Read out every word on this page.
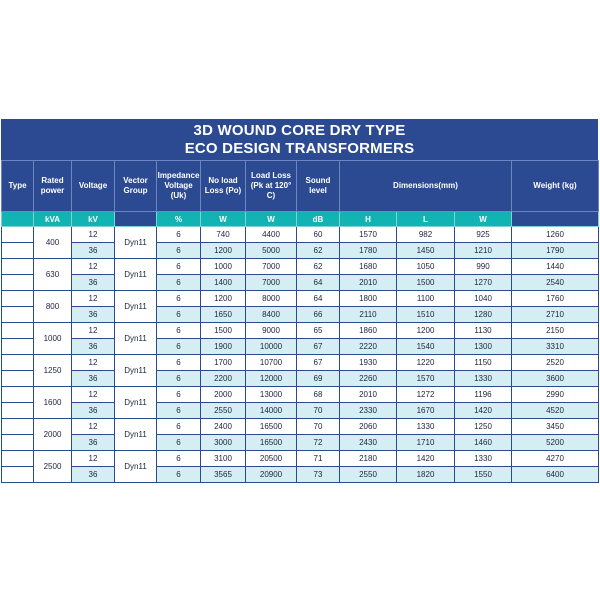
3D WOUND CORE DRY TYPE
ECO DESIGN TRANSFORMERS
Type	Rated power	Voltage	Vector Group	Impedance Voltage (Uk)	No load Loss (Po)	Load Loss (Pk at 120° C)	Sound level	Dimensions(mm)			Weight (kg)
	kVA	kV		%	W	W	dB	H	L	W	
	400	12	Dyn11	6	740	4400	60	1570	982	925	1260
		36		6	1200	5000	62	1780	1450	1210	1790
	630	12	Dyn11	6	1000	7000	62	1680	1050	990	1440
		36		6	1400	7000	64	2010	1500	1270	2540
	800	12	Dyn11	6	1200	8000	64	1800	1100	1040	1760
		36		6	1650	8400	66	2110	1510	1280	2710
	1000	12	Dyn11	6	1500	9000	65	1860	1200	1130	2150
		36		6	1900	10000	67	2220	1540	1300	3310
	1250	12	Dyn11	6	1700	10700	67	1930	1220	1150	2520
		36		6	2200	12000	69	2260	1570	1330	3600
	1600	12	Dyn11	6	2000	13000	68	2010	1272	1196	2990
		36		6	2550	14000	70	2330	1670	1420	4520
	2000	12	Dyn11	6	2400	16500	70	2060	1330	1250	3450
		36		6	3000	16500	72	2430	1710	1460	5200
	2500	12	Dyn11	6	3100	20500	71	2180	1420	1330	4270
		36		6	3565	20900	73	2550	1820	1550	6400
